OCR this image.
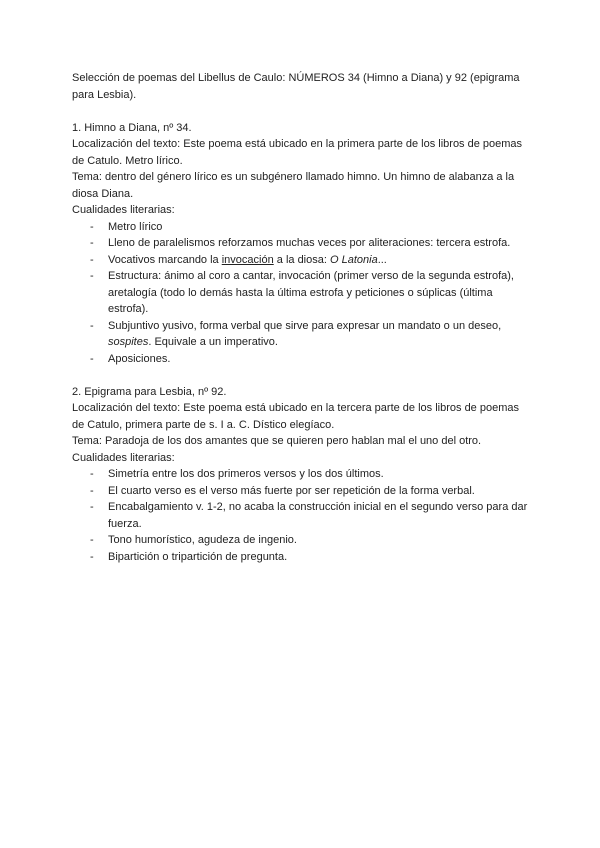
Selección de poemas del Libellus de Caulo: NÚMEROS 34 (Himno a Diana) y 92 (epigrama para Lesbia).

1. Himno a Diana, nº 34.

Localización del texto: Este poema está ubicado en la primera parte de los libros de poemas de Catulo. Metro lírico.

Tema: dentro del género lírico es un subgénero llamado himno. Un himno de alabanza a la diosa Diana.

Cualidades literarias:

- Metro lírico
- Lleno de paralelismos reforzamos muchas veces por aliteraciones: tercera estrofa.
- Vocativos marcando la invocación a la diosa: O Latonia...
- Estructura: ánimo al coro a cantar, invocación (primer verso de la segunda estrofa), aretalogía (todo lo demás hasta la última estrofa y peticiones o súplicas (última estrofa).
- Subjuntivo yusivo, forma verbal que sirve para expresar un mandato o un deseo, sospites. Equivale a un imperativo.
- Aposiciones.

2. Epigrama para Lesbia, nº 92.

Localización del texto: Este poema está ubicado en la tercera parte de los libros de poemas de Catulo, primera parte de s. I a. C. Dístico elegíaco.

Tema: Paradoja de los dos amantes que se quieren pero hablan mal el uno del otro.

Cualidades literarias:

- Simetría entre los dos primeros versos y los dos últimos.
- El cuarto verso es el verso más fuerte por ser repetición de la forma verbal.
- Encabalgamiento v. 1-2, no acaba la construcción inicial en el segundo verso para dar fuerza.
- Tono humorístico, agudeza de ingenio.
- Bipartición o tripartición de pregunta.
